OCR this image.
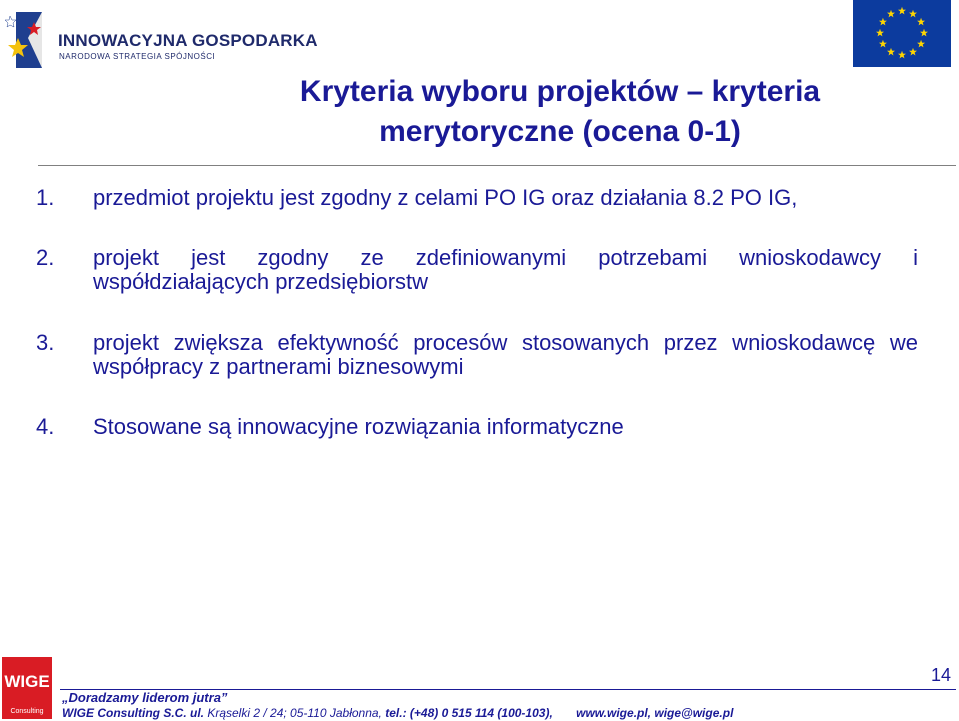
INNOWACYJNA GOSPODARKA
NARODOWA STRATEGIA SPÓJNOŚCI
Kryteria wyboru projektów – kryteria
merytoryczne (ocena 0-1)
1. przedmiot projektu jest zgodny z celami PO IG oraz działania 8.2 PO IG,
2. projekt jest zgodny ze zdefiniowanymi potrzebami wnioskodawcy i współdziałających przedsiębiorstw
3. projekt zwiększa efektywność procesów stosowanych przez wnioskodawcę we współpracy z partnerami biznesowymi
4. Stosowane są innowacyjne rozwiązania informatyczne
WIGE
Consulting
14
„Doradzamy liderom jutra”
WIGE Consulting S.C. ul. Krąselki 2 / 24; 05-110 Jabłonna, tel.: (+48) 0 515 114 (100-103), www.wige.pl, wige@wige.pl
